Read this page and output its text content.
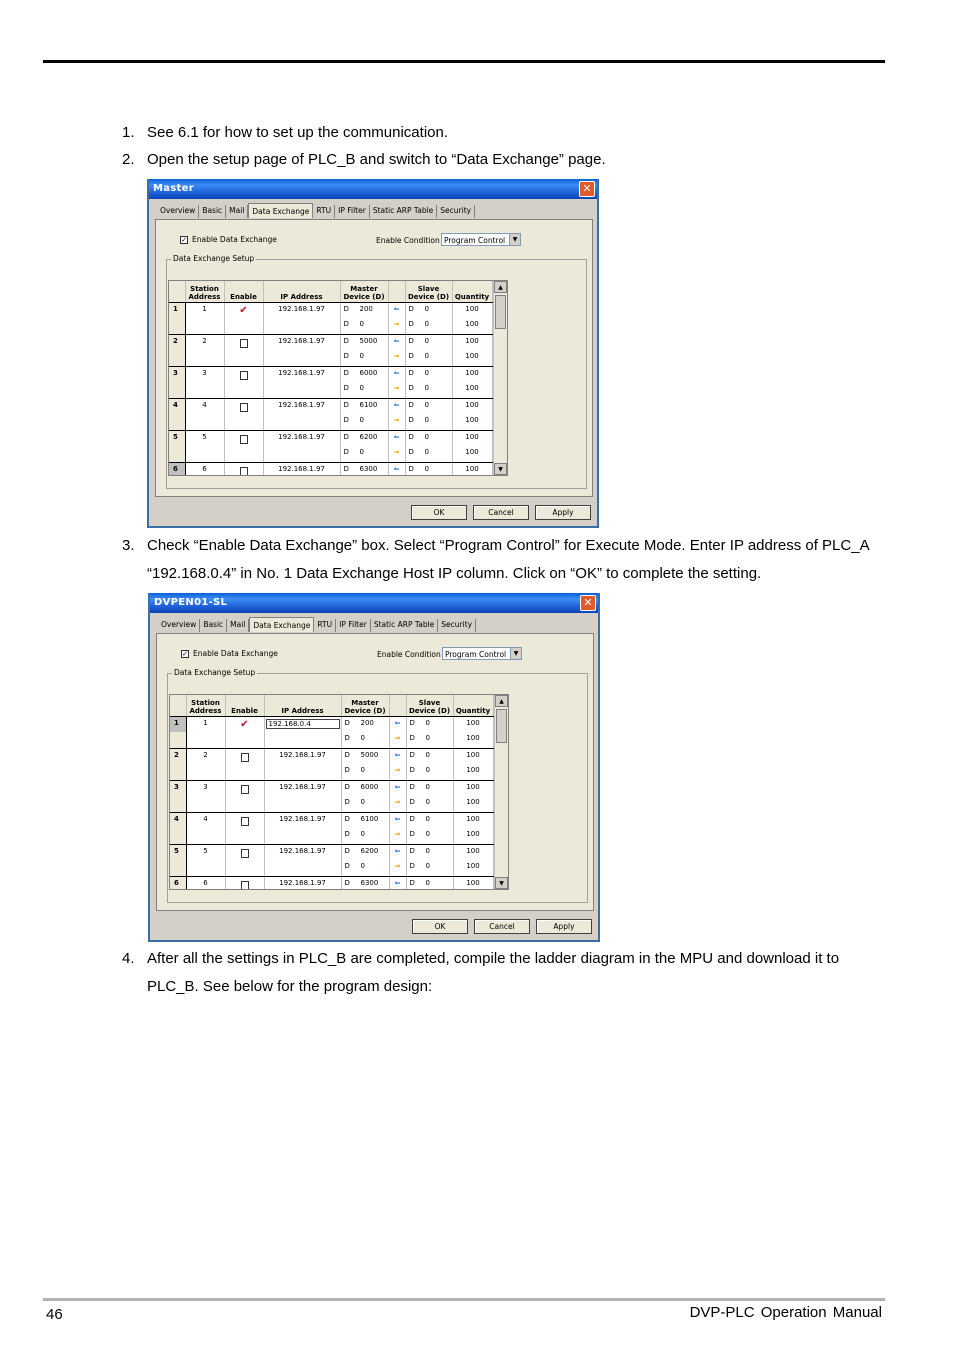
1. See 6.1 for how to set up the communication.
2. Open the setup page of PLC_B and switch to “Data Exchange” page.
Master	✕
Overview Basic Mail	Data Exchange RTU IP Filter Static ARP Table Security
✓ Enable Data Exchange	Enable Condition Program Control	▼
Data Exchange Setup
	Station Address	Enable	IP Address	Master Device (D)		Slave Device (D)	Quantity
1	1	✔	192.168.1.97	D 200	⇐	D 0	100
				D 0	⇒	D 0	100
2	2		192.168.1.97	D 5000	⇐	D 0	100
				D 0	⇒	D 0	100
3	3		192.168.1.97	D 6000	⇐	D 0	100
				D 0	⇒	D 0	100
4	4		192.168.1.97	D 6100	⇐	D 0	100
				D 0	⇒	D 0	100
5	5		192.168.1.97	D 6200	⇐	D 0	100
				D 0	⇒	D 0	100
6	6		192.168.1.97	D 6300	⇐	D 0	100
▲
▼
OK	Cancel	Apply
3. Check “Enable Data Exchange” box. Select “Program Control” for Execute Mode. Enter IP address of PLC_A “192.168.0.4” in No. 1 Data Exchange Host IP column. Click on “OK” to complete the setting.
DVPEN01-SL	✕
Overview Basic Mail	Data Exchange RTU IP Filter Static ARP Table Security
✓ Enable Data Exchange	Enable Condition Program Control	▼
Data Exchange Setup
	Station Address	Enable	IP Address	Master Device (D)		Slave Device (D)	Quantity
1	1	✔	192.168.0.4	D 200	⇐	D 0	100
				D 0	⇒	D 0	100
2	2		192.168.1.97	D 5000	⇐	D 0	100
				D 0	⇒	D 0	100
3	3		192.168.1.97	D 6000	⇐	D 0	100
				D 0	⇒	D 0	100
4	4		192.168.1.97	D 6100	⇐	D 0	100
				D 0	⇒	D 0	100
5	5		192.168.1.97	D 6200	⇐	D 0	100
				D 0	⇒	D 0	100
6	6		192.168.1.97	D 6300	⇐	D 0	100
▲
▼
OK	Cancel	Apply
4. After all the settings in PLC_B are completed, compile the ladder diagram in the MPU and download it to PLC_B. See below for the program design:
46	DVP-PLC Operation Manual
